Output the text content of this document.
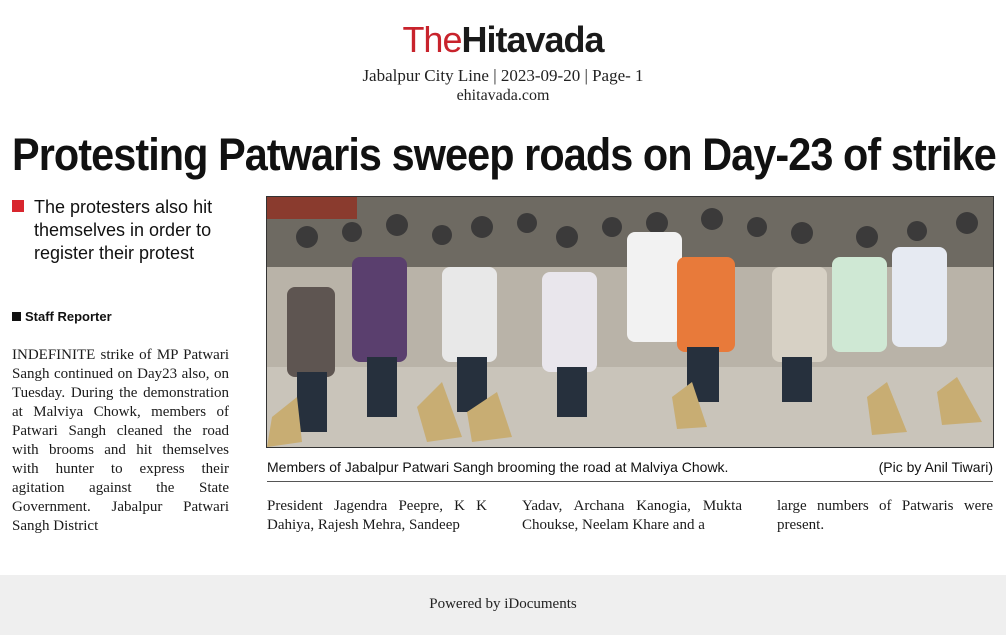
TheHitavada
Jabalpur City Line | 2023-09-20 | Page- 1
ehitavada.com
Protesting Patwaris sweep roads on Day-23 of strike
The protesters also hit themselves in order to register their protest
Staff Reporter
INDEFINITE strike of MP Patwari Sangh continued on Day23 also, on Tuesday. During the demonstration at Malviya Chowk, members of Patwari Sangh cleaned the road with brooms and hit themselves with hunter to express their agitation against the State Government. Jabalpur Patwari Sangh District
Members of Jabalpur Patwari Sangh brooming the road at Malviya Chowk.	(Pic by Anil Tiwari)
President Jagendra Peepre, K K Dahiya, Rajesh Mehra, Sandeep
Yadav, Archana Kanogia, Mukta Choukse, Neelam Khare and a
large numbers of Patwaris were present.
Powered by iDocuments
